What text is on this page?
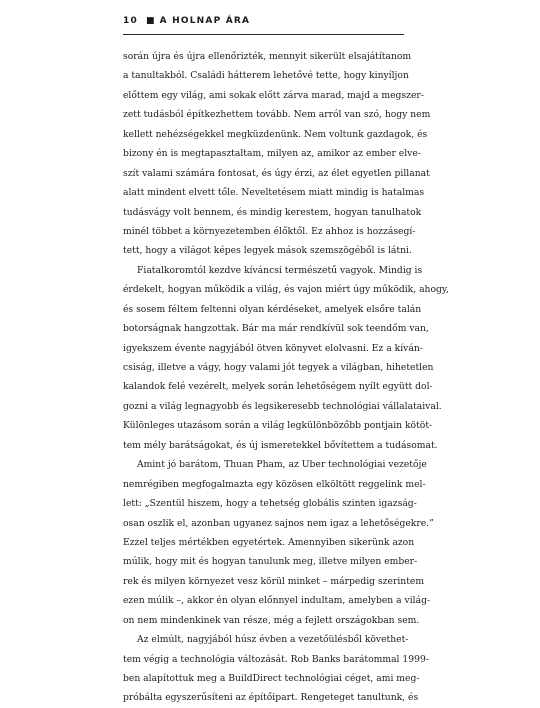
10 ■ A HOLNAP ÁRA
során újra és újra ellenőrizték, mennyit sikerült elsajátítanom
a tanultakból. Családi hátterem lehetővé tette, hogy kinyíljon
előttem egy világ, ami sokak előtt zárva marad, majd a megszer-
zett tudásból építkezhettem tovább. Nem arról van szó, hogy nem
kellett nehézségekkel megküzdenünk. Nem voltunk gazdagok, és
bizony én is megtapasztaltam, milyen az, amikor az ember elve-
szít valami számára fontosat, és úgy érzi, az élet egyetlen pillanat
alatt mindent elvett tőle. Neveltetésem miatt mindig is hatalmas
tudásvágy volt bennem, és mindig kerestem, hogyan tanulhatok
minél többet a környezetemben élőktől. Ez ahhoz is hozzásegí-
tett, hogy a világot képes legyek mások szemszögéből is látni.
Fiatalkoromtól kezdve kíváncsi természetű vagyok. Mindig is
érdekelt, hogyan működik a világ, és vajon miért úgy működik, ahogy,
és sosem féltem feltenni olyan kérdéseket, amelyek elsőre talán
botorságnak hangzottak. Bár ma már rendkívül sok teendőm van,
igyekszem évente nagyjából ötven könyvet elolvasni. Ez a kíván-
csiság, illetve a vágy, hogy valami jót tegyek a világban, hihetetlen
kalandok felé vezérelt, melyek során lehetőségem nyílt együtt dol-
gozni a világ legnagyobb és legsikeresebb technológiai vállalataival.
Különleges utazásom során a világ legkülönbözőbb pontjain kötöt-
tem mély barátságokat, és új ismeretekkel bővítettem a tudásomat.
Amint jó barátom, Thuan Pham, az Uber technológiai vezetője
nemrégiben megfogalmazta egy közösen elköltött reggelink mel-
lett: „Szentül hiszem, hogy a tehetség globális szinten igazság-
osan oszlik el, azonban ugyanez sajnos nem igaz a lehetőségekre.”
Ezzel teljes mértékben egyetértek. Amennyiben sikerünk azon
múlik, hogy mit és hogyan tanulunk meg, illetve milyen ember-
rek és milyen környezet vesz körül minket – márpedig szerintem
ezen múlik –, akkor én olyan előnnyel indultam, amelyben a világ-
on nem mindenkinek van része, még a fejlett országokban sem.
Az elmúlt, nagyjából húsz évben a vezetőülésből követhet-
tem végig a technológia változását. Rob Banks barátommal 1999-
ben alapítottuk meg a BuildDirect technológiai céget, ami meg-
próbálta egyszerűsíteni az építőipart. Rengeteget tanultunk, és
